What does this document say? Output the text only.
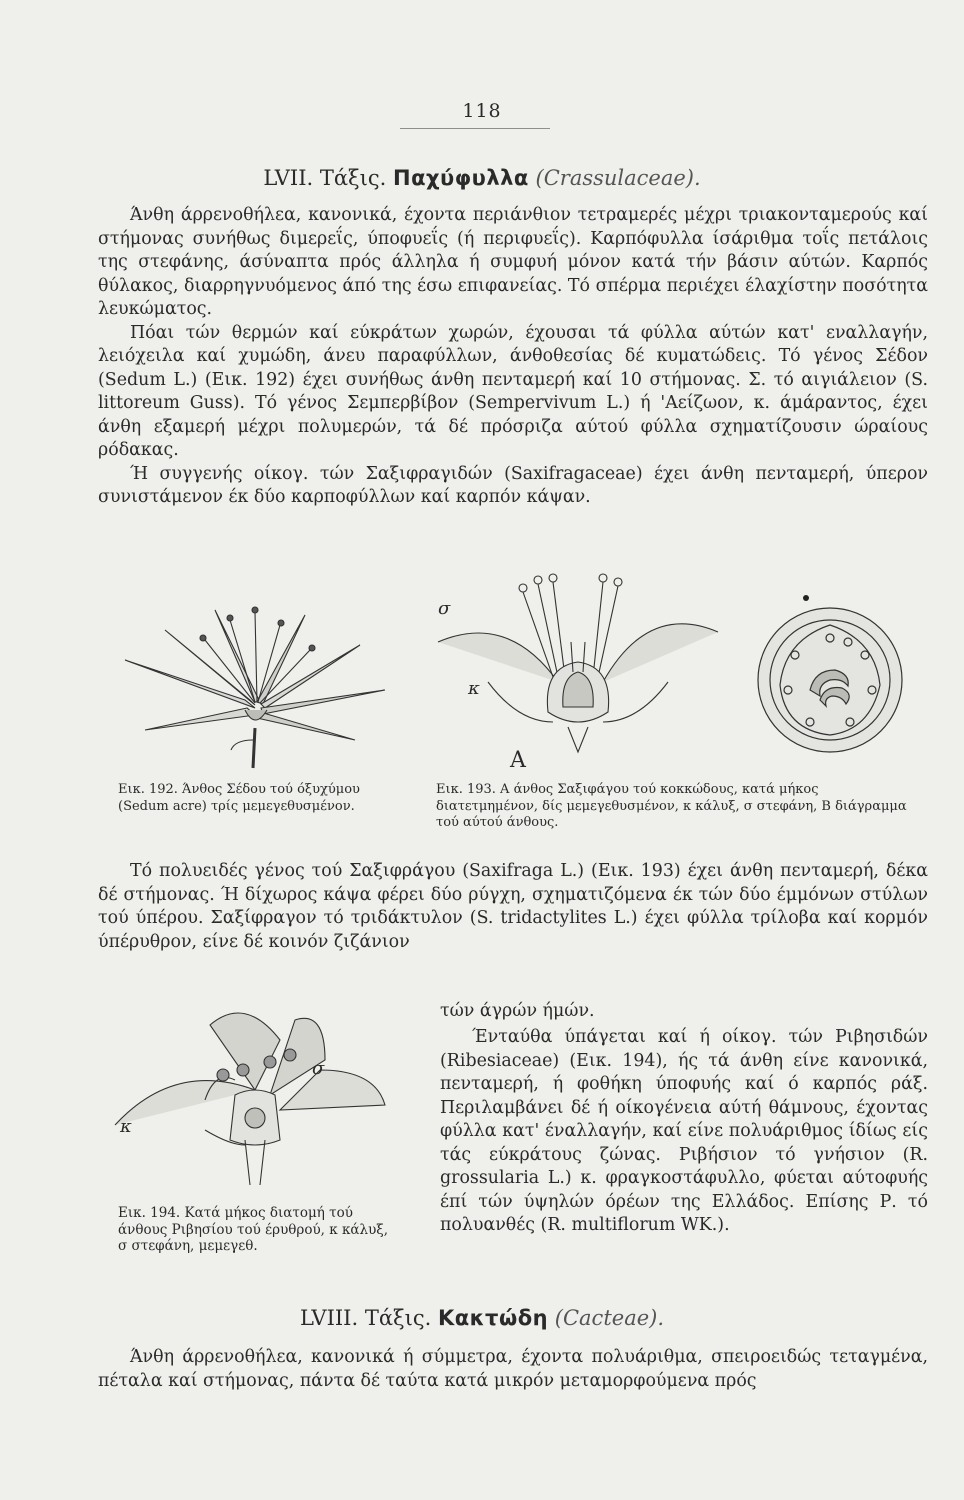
118
LVII. Τάξις. Παχύφυλλα (Crassulaceae).

Άνθη άρρενοθήλεα, κανονικά, έχοντα περιάνθιον τετραμερές μέχρι τριακονταμερούς καί στήμονας συνήθως διμερεΐς, ύποφυεΐς (ή περιφυεΐς). Καρπόφυλλα ίσάριθμα τοΐς πετάλοις της στεφάνης, άσύναπτα πρός άλληλα ή συμφυή μόνον κατά τήν βάσιν αύτών. Καρπός θύλακος, διαρρηγνυόμενος άπό της έσω επιφανείας. Τό σπέρμα περιέχει έλαχίστην ποσότητα λευκώματος.

Πόαι τών θερμών καί εύκράτων χωρών, έχουσαι τά φύλλα αύτών κατ' εναλλαγήν, λειόχειλα καί χυμώδη, άνευ παραφύλλων, άνθοθεσίας δέ κυματώδεις. Τό γένος Σέδον (Sedum L.) (Εικ. 192) έχει συνήθως άνθη πενταμερή καί 10 στήμονας. Σ. τό αιγιάλειον (S. littoreum Guss). Τό γένος Σεμπερβίβον (Sempervivum L.) ή 'Αείζωον, κ. άμάραντος, έχει άνθη εξαμερή μέχρι πολυμερών, τά δέ πρόσριζα αύτού φύλλα σχηματίζουσιν ώραίους ρόδακας.

Ή συγγενής οίκογ. τών Σαξιφραγιδών (Saxifragaceae) έχει άνθη πενταμερή, ύπερον συνιστάμενον έκ δύο καρποφύλλων καί καρπόν κάψαν.

σ
κ
A
Εικ. 192. Άνθος Σέδου τού όξυχύμου (Sedum acre) τρίς μεμεγεθυσμένον.
Εικ. 193. Α άνθος Σαξιφάγου τού κοκκώδους, κατά μήκος διατετμημένον, δίς μεμεγεθυσμένον, κ κάλυξ, σ στεφάνη, Β διάγραμμα τού αύτού άνθους.

Τό πολυειδές γένος τού Σαξιφράγου (Saxifraga L.) (Εικ. 193) έχει άνθη πενταμερή, δέκα δέ στήμονας. Ή δίχωρος κάψα φέρει δύο ρύγχη, σχηματιζόμενα έκ τών δύο έμμόνων στύλων τού ύπέρου. Σαξίφραγον τό τριδάκτυλον (S. tridactylites L.) έχει φύλλα τρίλοβα καί κορμόν ύπέρυθρον, είνε δέ κοινόν ζιζάνιον

τών άγρών ήμών.

κ
σ
Εικ. 194. Κατά μήκος διατομή τού άνθους Ριβησίου τού έρυθρού, κ κάλυξ, σ στεφάνη, μεμεγεθ.

Ένταύθα ύπάγεται καί ή οίκογ. τών Ριβησιδών (Ribesiaceae) (Εικ. 194), ής τά άνθη είνε κανονικά, πενταμερή, ή φοθήκη ύποφυής καί ό καρπός ράξ. Περιλαμβάνει δέ ή οίκογένεια αύτή θάμνους, έχοντας φύλλα κατ' έναλλαγήν, καί είνε πολυάριθμος ίδίως είς τάς εύκράτους ζώνας. Ριβήσιον τό γνήσιον (R. grossularia L.) κ. φραγκοστάφυλλο, φύεται αύτοφυής έπί τών ύψηλών όρέων της Ελλάδος. Επίσης Ρ. τό πολυανθές (R. multiflorum WK.).

LVIII. Τάξις. Κακτώδη (Cacteae).

Άνθη άρρενοθήλεα, κανονικά ή σύμμετρα, έχοντα πολυάριθμα, σπειροειδώς τεταγμένα, πέταλα καί στήμονας, πάντα δέ ταύτα κατά μικρόν μεταμορφούμενα πρός
